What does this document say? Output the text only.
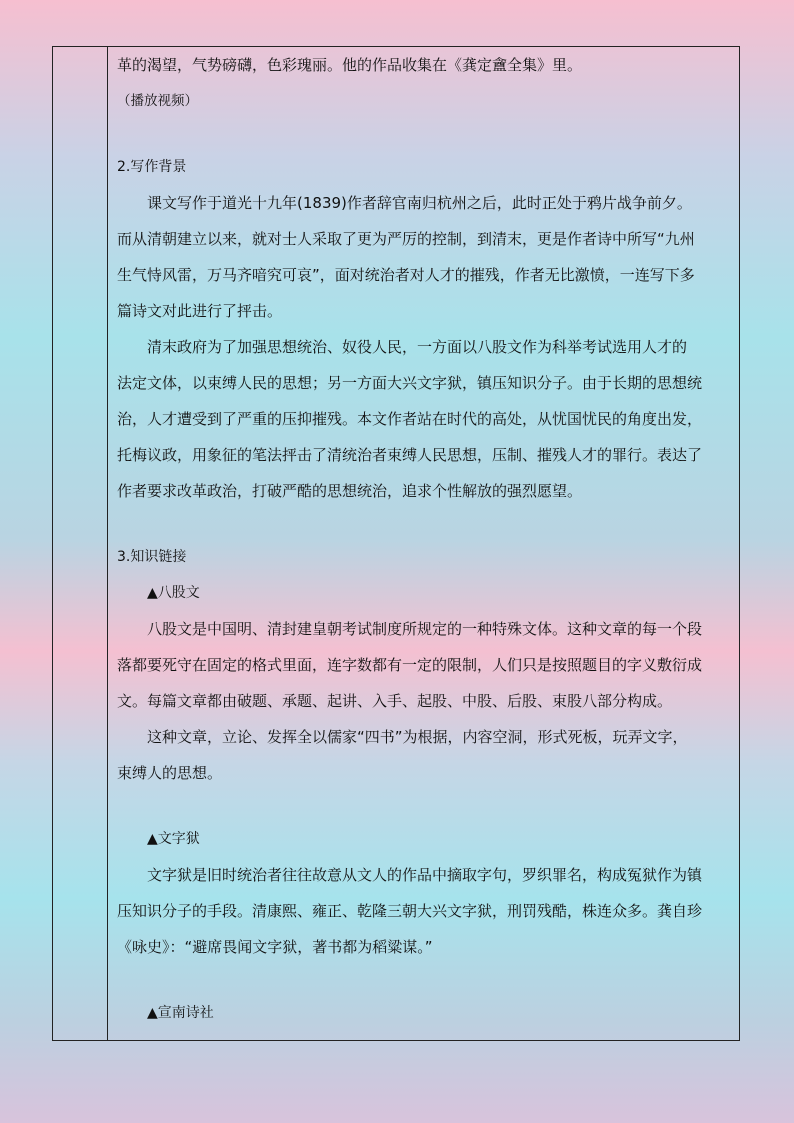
革的渴望，气势磅礴，色彩瑰丽。他的作品收集在《龚定盦全集》里。
（播放视频）
2.写作背景
课文写作于道光十九年(1839)作者辞官南归杭州之后，此时正处于鸦片战争前夕。
而从清朝建立以来，就对士人采取了更为严厉的控制，到清末，更是作者诗中所写“九州
生气恃风雷，万马齐喑究可哀”，面对统治者对人才的摧残，作者无比激愤，一连写下多
篇诗文对此进行了抨击。
清末政府为了加强思想统治、奴役人民，一方面以八股文作为科举考试选用人才的
法定文体，以束缚人民的思想；另一方面大兴文字狱，镇压知识分子。由于长期的思想统
治，人才遭受到了严重的压抑摧残。本文作者站在时代的高处，从忧国忧民的角度出发，
托梅议政，用象征的笔法抨击了清统治者束缚人民思想，压制、摧残人才的罪行。表达了
作者要求改革政治，打破严酷的思想统治，追求个性解放的强烈愿望。
3.知识链接
▲八股文
八股文是中国明、清封建皇朝考试制度所规定的一种特殊文体。这种文章的每一个段
落都要死守在固定的格式里面，连字数都有一定的限制，人们只是按照题目的字义敷衍成
文。每篇文章都由破题、承题、起讲、入手、起股、中股、后股、束股八部分构成。
这种文章，立论、发挥全以儒家“四书”为根据，内容空洞，形式死板，玩弄文字，
束缚人的思想。
▲文字狱
文字狱是旧时统治者往往故意从文人的作品中摘取字句，罗织罪名，构成冤狱作为镇
压知识分子的手段。清康熙、雍正、乾隆三朝大兴文字狱，刑罚残酷，株连众多。龚自珍
《咏史》：“避席畏闻文字狱，著书都为稻粱谋。”
▲宣南诗社
